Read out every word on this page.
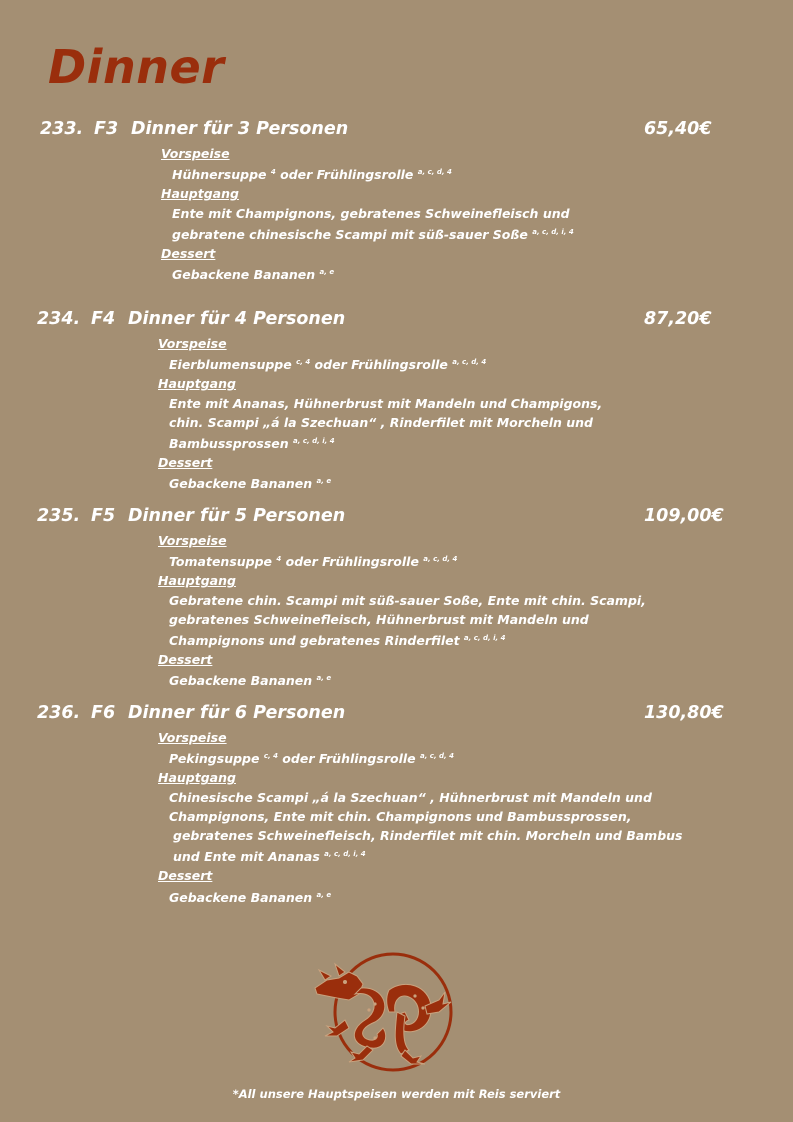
Dinner
233. F3 Dinner für 3 Personen	65,40€
Vorspeise
Hühnersuppe $^4$ oder Frühlingsrolle $^{a, c, d, 4}$
Hauptgang
Ente mit Champignons, gebratenes Schweinefleisch und
gebratene chinesische Scampi mit süß-sauer Soße $^{a, c, d, i, 4}$
Dessert
Gebackene Bananen $^{a, e}$
234. F4 Dinner für 4 Personen	87,20€
Vorspeise
Eierblumensuppe $^{c, 4}$ oder Frühlingsrolle $^{a, c, d, 4}$
Hauptgang
Ente mit Ananas, Hühnerbrust mit Mandeln und Champigons,
chin. Scampi „á la Szechuan“ , Rinderfilet mit Morcheln und
Bambussprossen $^{a, c, d, i, 4}$
Dessert
Gebackene Bananen $^{a, e}$
235. F5 Dinner für 5 Personen	109,00€
Vorspeise
Tomatensuppe $^4$ oder Frühlingsrolle $^{a, c, d, 4}$
Hauptgang
Gebratene chin. Scampi mit süß-sauer Soße, Ente mit chin. Scampi,
gebratenes Schweinefleisch, Hühnerbrust mit Mandeln und
Champignons und gebratenes Rinderfilet $^{a, c, d, i, 4}$
Dessert
Gebackene Bananen $^{a, e}$
236. F6 Dinner für 6 Personen	130,80€
Vorspeise
Pekingsuppe $^{c, 4}$ oder Frühlingsrolle $^{a, c, d, 4}$
Hauptgang
Chinesische Scampi „á la Szechuan“ , Hühnerbrust mit Mandeln und
Champignons, Ente mit chin. Champignons und Bambussprossen,
gebratenes Schweinefleisch, Rinderfilet mit chin. Morcheln und Bambus
und Ente mit Ananas $^{a, c, d, i, 4}$
Dessert
Gebackene Bananen $^{a, e}$
*All unsere Hauptspeisen werden mit Reis serviert
